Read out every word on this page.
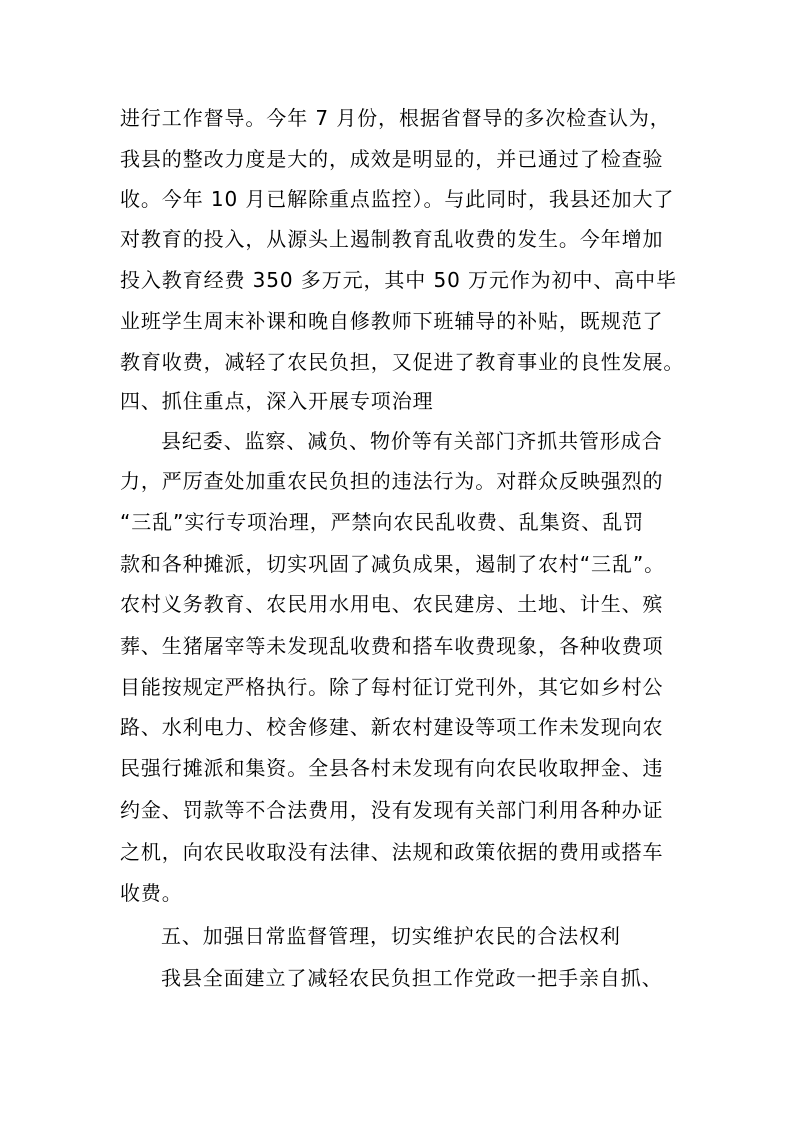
进行工作督导。今年 7 月份，根据省督导的多次检查认为，
我县的整改力度是大的，成效是明显的，并已通过了检查验
收。今年 10 月已解除重点监控）。与此同时，我县还加大了
对教育的投入，从源头上遏制教育乱收费的发生。今年增加
投入教育经费 350 多万元，其中 50 万元作为初中、高中毕
业班学生周末补课和晚自修教师下班辅导的补贴，既规范了
教育收费，减轻了农民负担，又促进了教育事业的良性发展。
四、抓住重点，深入开展专项治理
县纪委、监察、减负、物价等有关部门齐抓共管形成合
力，严厉查处加重农民负担的违法行为。对群众反映强烈的
“三乱”实行专项治理，严禁向农民乱收费、乱集资、乱罚
款和各种摊派，切实巩固了减负成果，遏制了农村“三乱”。
农村义务教育、农民用水用电、农民建房、土地、计生、殡
葬、生猪屠宰等未发现乱收费和搭车收费现象，各种收费项
目能按规定严格执行。除了每村征订党刊外，其它如乡村公
路、水利电力、校舍修建、新农村建设等项工作未发现向农
民强行摊派和集资。全县各村未发现有向农民收取押金、违
约金、罚款等不合法费用，没有发现有关部门利用各种办证
之机，向农民收取没有法律、法规和政策依据的费用或搭车
收费。
五、加强日常监督管理，切实维护农民的合法权利
我县全面建立了减轻农民负担工作党政一把手亲自抓、
